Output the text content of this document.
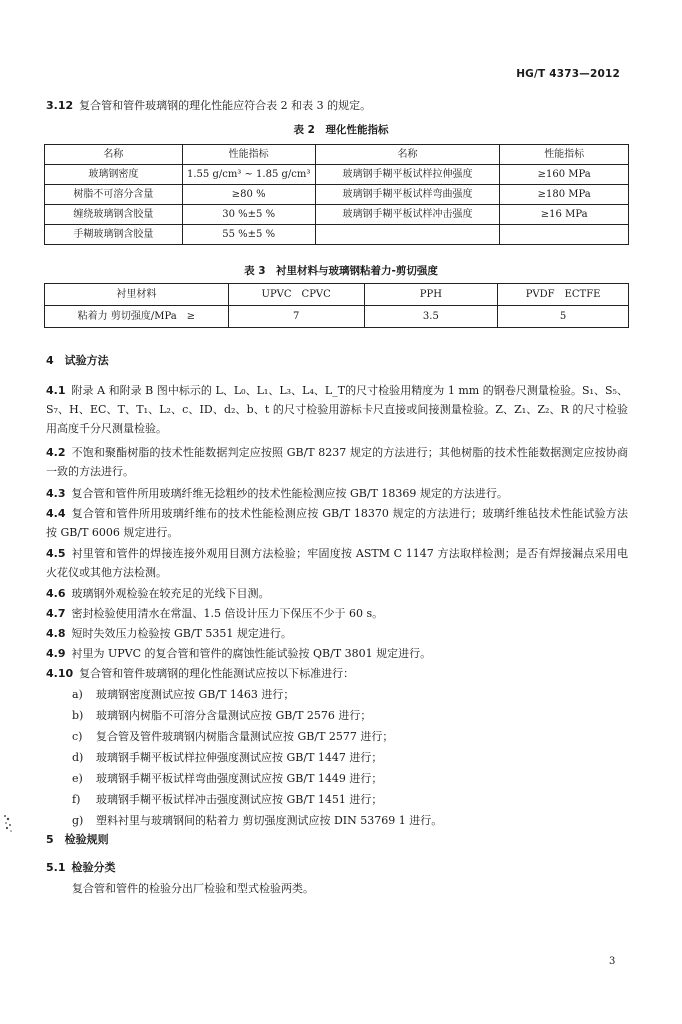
HG/T 4373—2012
3.12 复合管和管件玻璃钢的理化性能应符合表 2 和表 3 的规定。
表 2　理化性能指标
名称	性能指标	名称	性能指标
玻璃钢密度	1.55 g/cm³ ~ 1.85 g/cm³	玻璃钢手糊平板试样拉伸强度	≥160 MPa
树脂不可溶分含量	≥80 %	玻璃钢手糊平板试样弯曲强度	≥180 MPa
缠绕玻璃钢含胶量	30 %±5 %	玻璃钢手糊平板试样冲击强度	≥16 MPa
手糊玻璃钢含胶量	55 %±5 %		
表 3　衬里材料与玻璃钢粘着力-剪切强度
衬里材料	UPVC　CPVC	PPH	PVDF　ECTFE
粘着力 剪切强度/MPa　≥	7	3.5	5
4　试验方法
4.1 附录 A 和附录 B 图中标示的 L、L₀、L₁、L₃、L₄、L_T的尺寸检验用精度为 1 mm 的钢卷尺测量检验。S₁、S₅、S₇、H、EC、T、T₁、L₂、c、ID、d₂、b、t 的尺寸检验用游标卡尺直接或间接测量检验。Z、Z₁、Z₂、R 的尺寸检验用高度千分尺测量检验。
4.2 不饱和聚酯树脂的技术性能数据判定应按照 GB/T 8237 规定的方法进行；其他树脂的技术性能数据测定应按协商一致的方法进行。
4.3 复合管和管件所用玻璃纤维无捻粗纱的技术性能检测应按 GB/T 18369 规定的方法进行。
4.4 复合管和管件所用玻璃纤维布的技术性能检测应按 GB/T 18370 规定的方法进行；玻璃纤维毡技术性能试验方法按 GB/T 6006 规定进行。
4.5 衬里管和管件的焊接连接外观用目测方法检验；牢固度按 ASTM C 1147 方法取样检测；是否有焊接漏点采用电火花仪或其他方法检测。
4.6 玻璃钢外观检验在较充足的光线下目测。
4.7 密封检验使用清水在常温、1.5 倍设计压力下保压不少于 60 s。
4.8 短时失效压力检验按 GB/T 5351 规定进行。
4.9 衬里为 UPVC 的复合管和管件的腐蚀性能试验按 QB/T 3801 规定进行。
4.10 复合管和管件玻璃钢的理化性能测试应按以下标准进行：
a) 玻璃钢密度测试应按 GB/T 1463 进行；
b) 玻璃钢内树脂不可溶分含量测试应按 GB/T 2576 进行；
c) 复合管及管件玻璃钢内树脂含量测试应按 GB/T 2577 进行；
d) 玻璃钢手糊平板试样拉伸强度测试应按 GB/T 1447 进行；
e) 玻璃钢手糊平板试样弯曲强度测试应按 GB/T 1449 进行；
f) 玻璃钢手糊平板试样冲击强度测试应按 GB/T 1451 进行；
g) 塑料衬里与玻璃钢间的粘着力 剪切强度测试应按 DIN 53769 1 进行。
5　检验规则
5.1 检验分类
复合管和管件的检验分出厂检验和型式检验两类。
3
